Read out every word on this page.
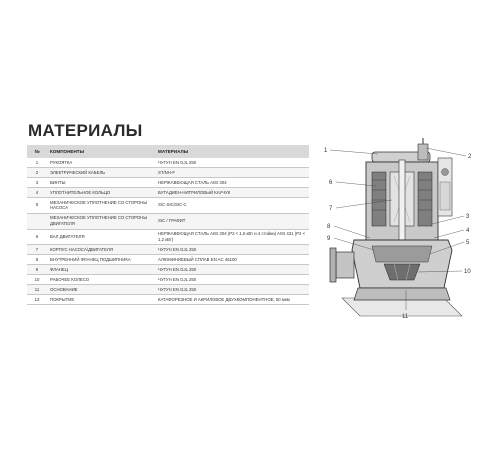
МАТЕРИАЛЫ
№	КОМПОНЕНТЫ	МАТЕРИАЛЫ
1	РУКОЯТКА	ЧУГУН EN GJL 250
2	ЭЛЕКТРИЧЕСКИЙ КАБЕЛЬ	ST/NH-F
3	ВИНТЫ	НЕРЖАВЕЮЩАЯ СТАЛЬ AISI 304
4	УПЛОТНИТЕЛЬНОЕ КОЛЬЦО	БУТАДИЕН-НИТРИЛОВЫЙ КАУЧУК
5	МЕХАНИЧЕСКОЕ УПЛОТНЕНИЕ СО СТОРОНЫ НАСОСА	SIC-SIC/SIC-C
	МЕХАНИЧЕСКОЕ УПЛОТНЕНИЕ СО СТОРОНЫ ДВИГАТЕЛЯ	SIC / ГРАФИТ
6	ВАЛ ДВИГАТЕЛЯ	НЕРЖАВЕЮЩАЯ СТАЛЬ AISI 304 (P2 < 1,5 кВт и 4 стойки) AISI 431 (P2 < 1,2 кВт)
7	КОРПУС НАСОСА/ДВИГАТЕЛЯ	ЧУГУН EN GJL 250
8	ВНУТРЕННИЙ ФЛАНЕЦ ПОДШИПНИКА	АЛЮМИНИЕВЫЙ СПЛАВ EN AC 46100
9	ФЛАНЕЦ	ЧУГУН EN GJL 250
10	РАБОЧЕЕ КОЛЕСО	ЧУГУН EN GJL 250
11	ОСНОВАНИЕ	ЧУГУН EN GJL 250
13	ПОКРЫТИЕ	КАТАФОРЕЗНОЕ И АКРИЛОВОЕ ДВУХКОМПОНЕНТНОЕ, 50 мкм
1
2
6
7
8
9
3
4
5
10
11
